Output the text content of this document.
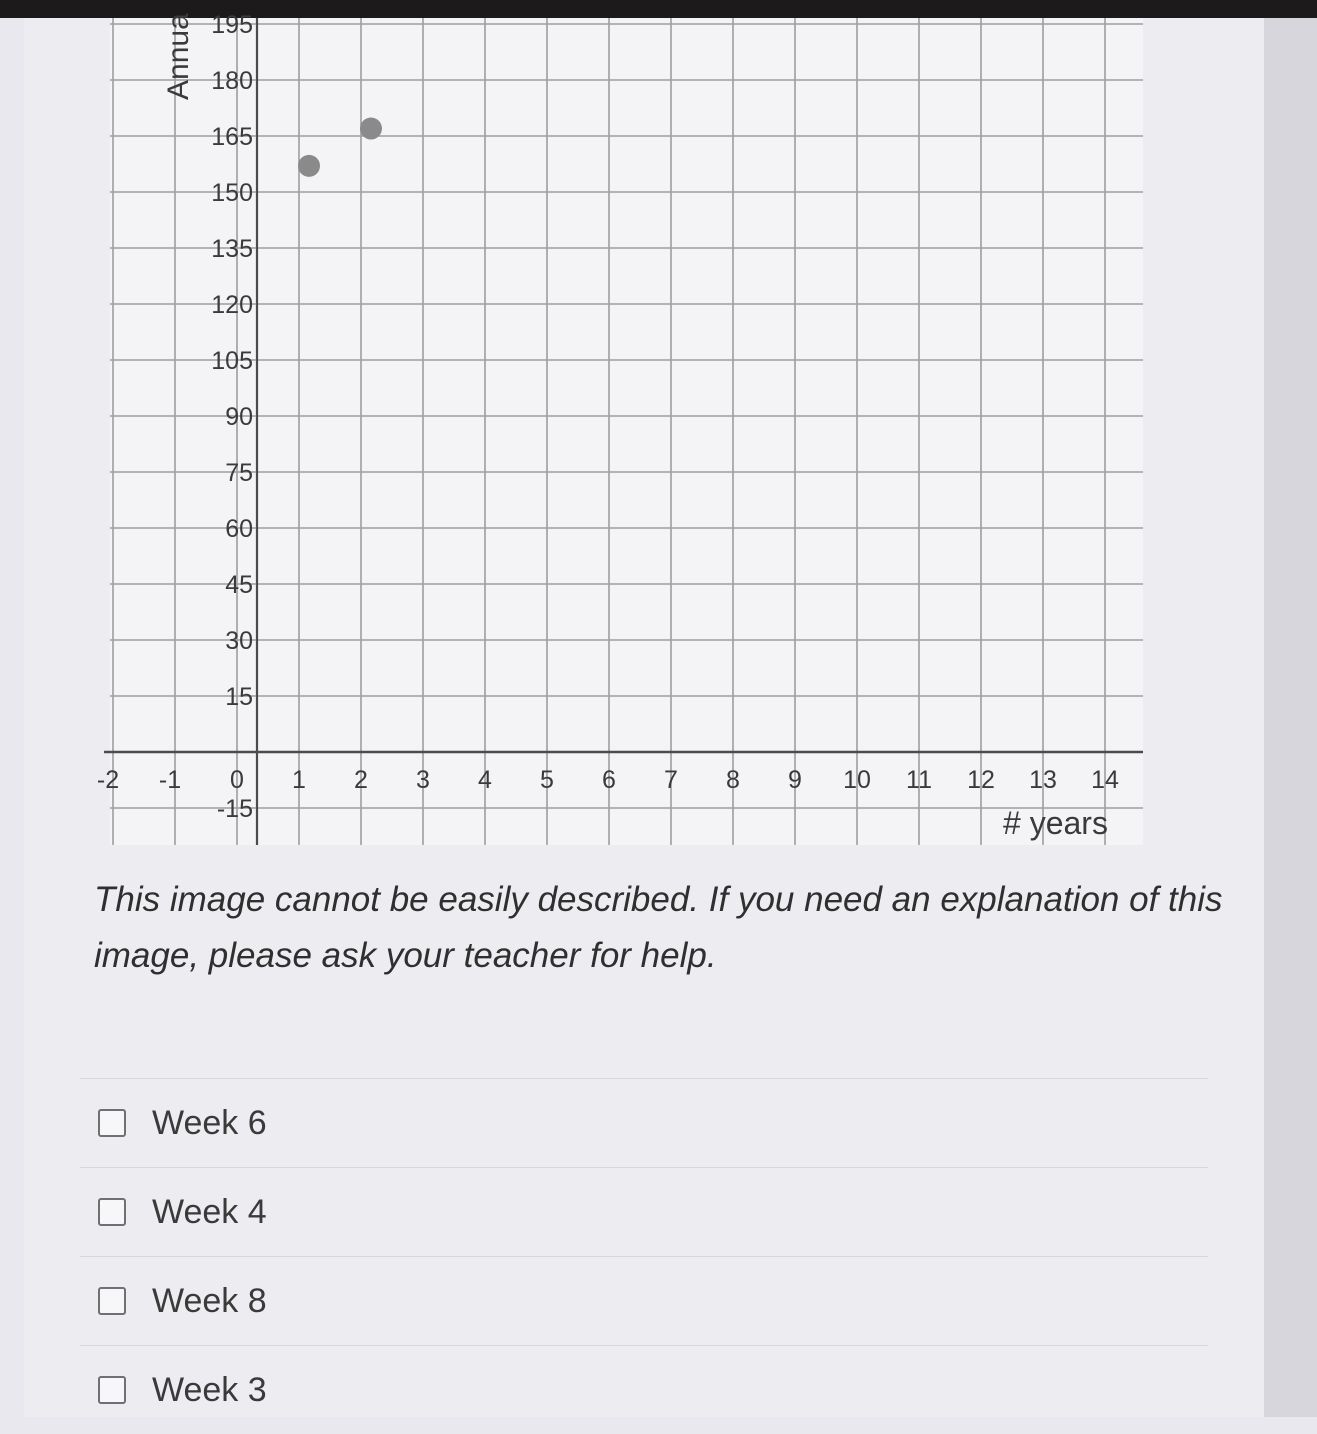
-2 -1 0 1 2 3 4 5 6 7 8 9 10 11 12 13 14
-15
15
30
45
60
75
90
105
120
135
150
165
180
195
# years
Annua

This image cannot be easily described. If you need an explanation of this image, please ask your teacher for help.

Week 6
Week 4
Week 8
Week 3
